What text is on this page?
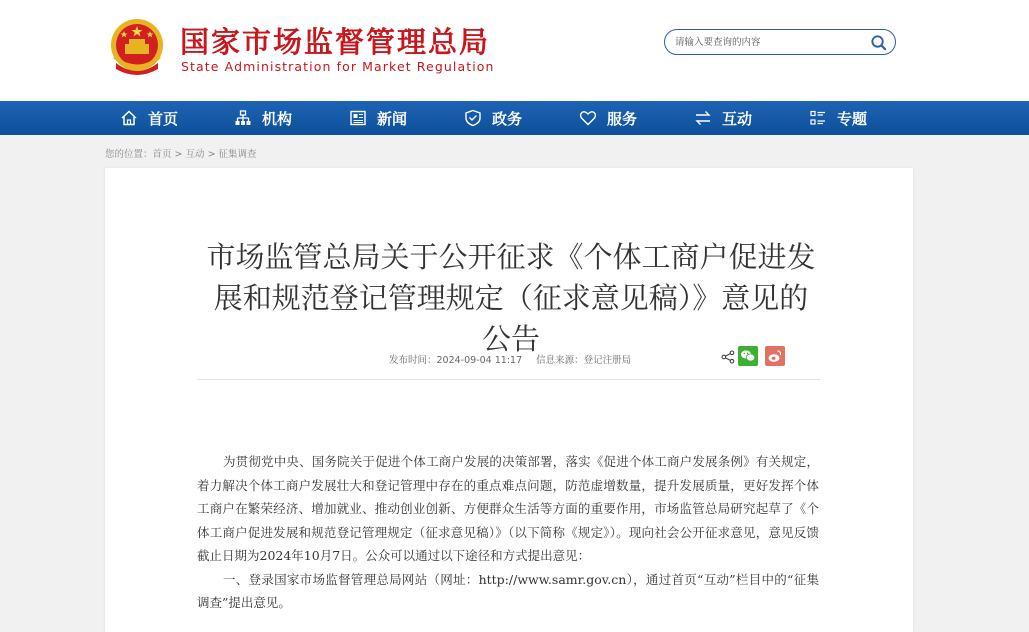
国家市场监督管理总局
State Administration for Market Regulation
请输入要查询的内容
首页	机构	新闻	政务	服务	互动	专题
您的位置：首页 > 互动 > 征集调查
市场监管总局关于公开征求《个体工商户促进发展和规范登记管理规定（征求意见稿）》意见的公告
发布时间：2024-09-04 11:17 信息来源：登记注册局

为贯彻党中央、国务院关于促进个体工商户发展的决策部署，落实《促进个体工商户发展条例》有关规定，着力解决个体工商户发展壮大和登记管理中存在的重点难点问题，防范虚增数量，提升发展质量，更好发挥个体工商户在繁荣经济、增加就业、推动创业创新、方便群众生活等方面的重要作用，市场监管总局研究起草了《个体工商户促进发展和规范登记管理规定（征求意见稿）》（以下简称《规定》）。现向社会公开征求意见，意见反馈截止日期为2024年10月7日。公众可以通过以下途径和方式提出意见：

一、登录国家市场监督管理总局网站（网址：http://www.samr.gov.cn），通过首页“互动”栏目中的“征集调查”提出意见。
